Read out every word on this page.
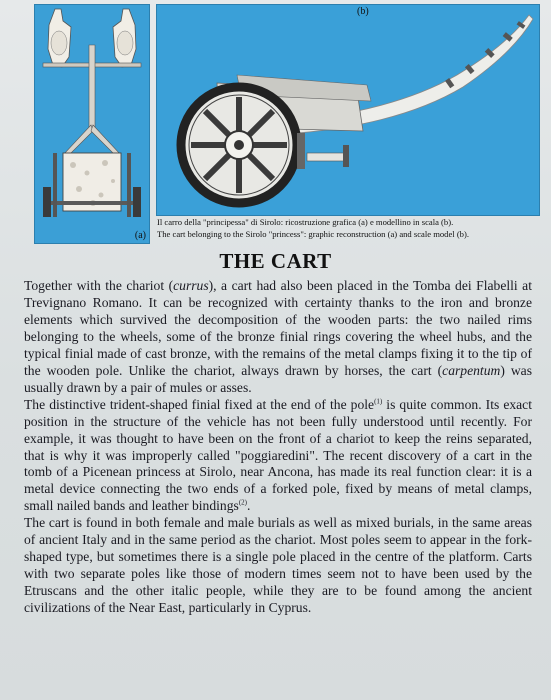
(a)
(b)
Il carro della "principessa" di Sirolo: ricostruzione grafica (a) e modellino in scala (b).
The cart belonging to the Sirolo "princess": graphic reconstruction (a) and scale model (b).
THE CART

Together with the chariot (currus), a cart had also been placed in the Tomba dei Flabelli at Trevignano Romano. It can be recognized with certainty thanks to the iron and bronze elements which survived the decomposition of the wooden parts: the two nailed rims belonging to the wheels, some of the bronze finial rings covering the wheel hubs, and the typical finial made of cast bronze, with the remains of the metal clamps fixing it to the tip of the wooden pole. Unlike the chariot, always drawn by horses, the cart (carpentum) was usually drawn by a pair of mules or asses.

The distinctive trident-shaped finial fixed at the end of the pole$^{(1)}$ is quite common. Its exact position in the structure of the vehicle has not been fully understood until recently. For example, it was thought to have been on the front of a chariot to keep the reins separated, that is why it was improperly called "poggiaredini". The recent discovery of a cart in the tomb of a Picenean princess at Sirolo, near Ancona, has made its real function clear: it is a metal device connecting the two ends of a forked pole, fixed by means of metal clamps, small nailed bands and leather bindings$^{(2)}$.

The cart is found in both female and male burials as well as mixed burials, in the same areas of ancient Italy and in the same period as the chariot. Most poles seem to appear in the fork-shaped type, but sometimes there is a single pole placed in the centre of the platform. Carts with two separate poles like those of modern times seem not to have been used by the Etruscans and the other italic people, while they are to be found among the ancient civilizations of the Near East, particularly in Cyprus.
